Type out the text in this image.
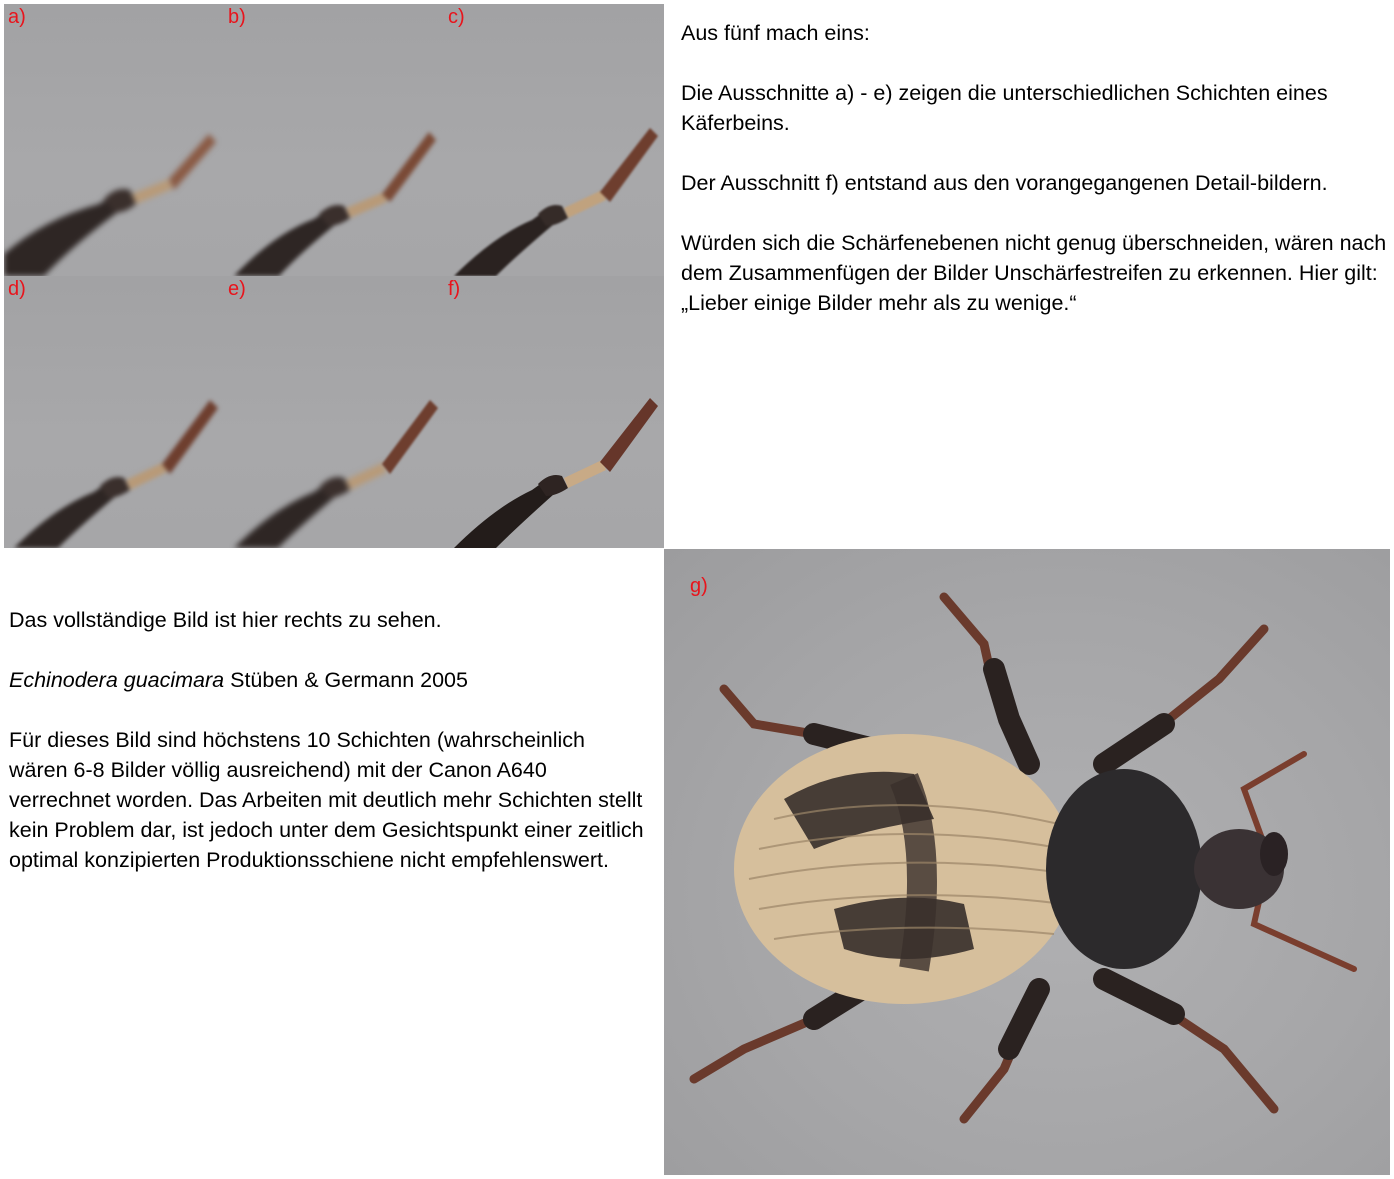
a)	b)	c)
d)	e)	f)

Aus fünf mach eins:

Die Ausschnitte a) - e) zeigen die unterschiedlichen Schichten eines Käferbeins.

Der Ausschnitt f) entstand aus den vorangegangenen Detail-bildern.

Würden sich die Schärfenebenen nicht genug überschneiden, wären nach dem Zusammenfügen der Bilder Unschärfestreifen zu erkennen. Hier gilt: „Lieber einige Bilder mehr als zu wenige.“

Das vollständige Bild ist hier rechts zu sehen.

Echinodera guacimara Stüben & Germann 2005

Für dieses Bild sind höchstens 10 Schichten (wahrscheinlich wären 6-8 Bilder völlig ausreichend) mit der Canon A640 verrechnet worden. Das Arbeiten mit deutlich mehr Schichten stellt kein Problem dar, ist jedoch unter dem Gesichtspunkt einer zeitlich optimal konzipierten Produktionsschiene nicht empfehlenswert.

g)
